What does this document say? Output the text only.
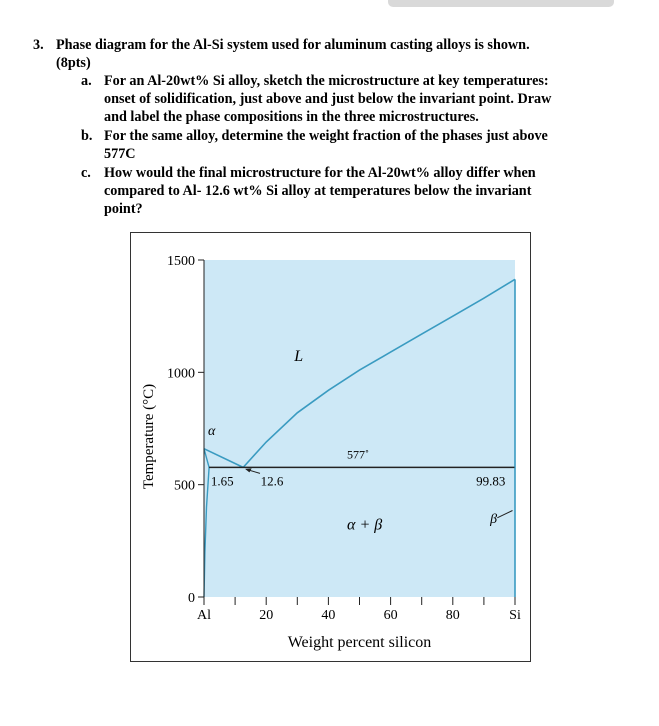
3. Phase diagram for the Al-Si system used for aluminum casting alloys is shown.
(8pts)
a. For an Al-20wt% Si alloy, sketch the microstructure at key temperatures:
onset of solidification, just above and just below the invariant point. Draw
and label the phase compositions in the three microstructures.
b. For the same alloy, determine the weight fraction of the phases just above
577C
c. How would the final microstructure for the Al-20wt% alloy differ when
compared to Al- 12.6 wt% Si alloy at temperatures below the invariant
point?
0
500
1000
1500
Al	20	40	60	80	Si
Weight percent silicon
Temperature (°C)
L
α
577˚
1.65 12.6	99.83
α + β	β
